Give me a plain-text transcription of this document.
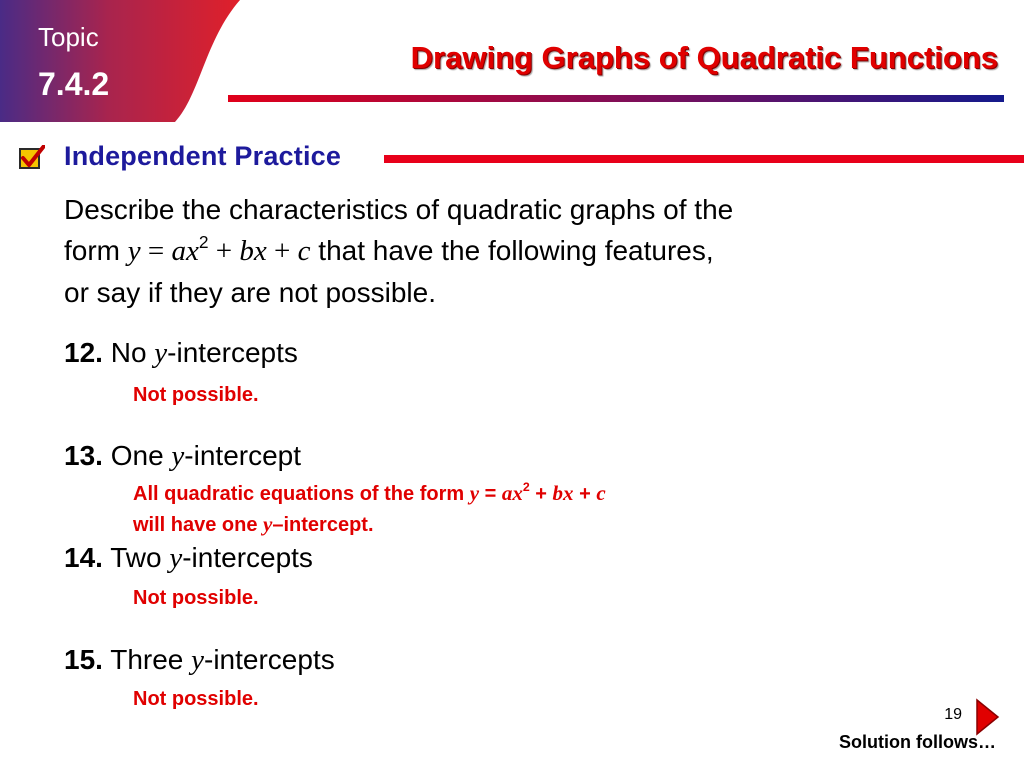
Topic
7.4.2
Drawing Graphs of Quadratic Functions
Independent Practice
Describe the characteristics of quadratic graphs of the
form $y = ax^2$ + bx + c that have the following features,
or say if they are not possible.
12. No y-intercepts
Not possible.
13. One y-intercept
All quadratic equations of the form $y = ax^2$ + bx + c
will have one y–intercept.
14. Two y-intercepts
Not possible.
15. Three y-intercepts
Not possible.
19
Solution follows…
